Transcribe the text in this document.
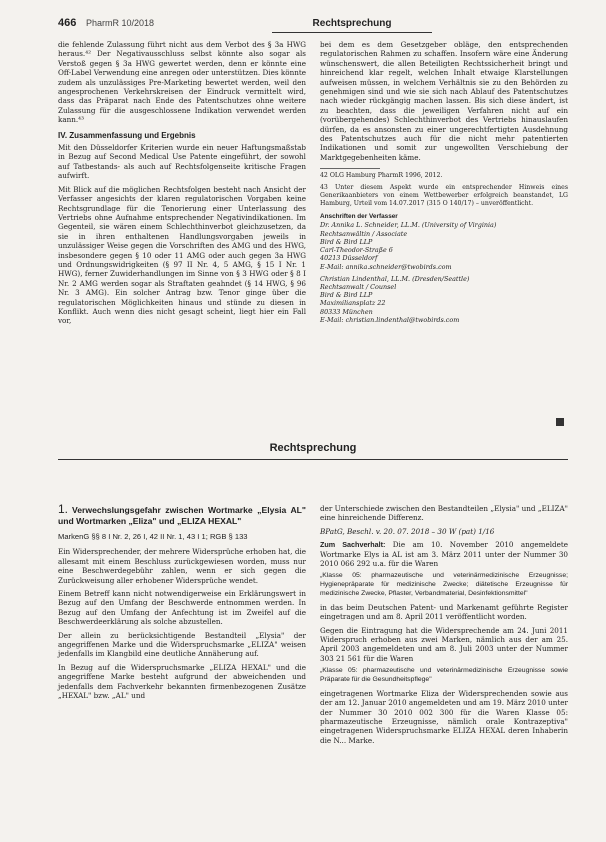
466 PharmR 10/2018	Rechtsprechung

die fehlende Zulassung führt nicht aus dem Verbot des § 3a HWG heraus.⁴² Der Negativausschluss selbst könnte also sogar als Verstoß gegen § 3a HWG gewertet werden, denn er könnte eine Off-Label Verwendung eine anregen oder unterstützen. Dies könnte zudem als unzulässiges Pre-Marketing bewertet werden, weil den angesprochenen Verkehrskreisen der Eindruck vermittelt wird, dass das Präparat nach Ende des Patentschutzes ohne weitere Zulassung für die ausgeschlossene Indikation verwendet werden kann.⁴³

IV. Zusammenfassung und Ergebnis

Mit den Düsseldorfer Kriterien wurde ein neuer Haftungsmaßstab in Bezug auf Second Medical Use Patente eingeführt, der sowohl auf Tatbestands- als auch auf Rechtsfolgenseite kritische Fragen aufwirft.

Mit Blick auf die möglichen Rechtsfolgen besteht nach Ansicht der Verfasser angesichts der klaren regulatorischen Vorgaben keine Rechtsgrundlage für die Tenorierung einer Unterlassung des Vertriebs ohne Aufnahme entsprechender Negativindikationen. Im Gegenteil, sie wären einem Schlechthinverbot gleichzusetzen, da sie in ihren enthaltenen Handlungsvorgaben jeweils in unzulässiger Weise gegen die Vorschriften des AMG und des HWG, insbesondere gegen § 10 oder 11 AMG oder auch gegen 3a HWG und Ordnungswidrigkeiten (§ 97 II Nr. 4, 5 AMG, § 15 I Nr. 1 HWG), ferner Zuwiderhandlungen im Sinne von § 3 HWG oder § 8 I Nr. 2 AMG werden sogar als Straftaten geahndet (§ 14 HWG, § 96 Nr. 3 AMG). Ein solcher Antrag bzw. Tenor ginge über die regulatorischen Möglichkeiten hinaus und stünde zu diesen in Konflikt. Auch wenn dies nicht gesagt scheint, liegt hier ein Fall vor,

bei dem es dem Gesetzgeber obläge, den entsprechenden regulatorischen Rahmen zu schaffen. Insofern wäre eine Änderung wünschenswert, die allen Beteiligten Rechtssicherheit bringt und hinreichend klar regelt, welchen Inhalt etwaige Klarstellungen aufweisen müssen, in welchem Verhältnis sie zu den Behörden zu genehmigen sind und wie sie sich nach Ablauf des Patentschutzes nach wieder rückgängig machen lassen. Bis sich diese ändert, ist zu beachten, dass die jeweiligen Verfahren nicht auf ein (vorübergehendes) Schlechthinverbot des Vertriebs hinauslaufen dürfen, da es ansonsten zu einer ungerechtfertigten Ausdehnung des Patentschutzes auch für die nicht mehr patentierten Indikationen und somit zur ungewollten Verschiebung der Marktgegebenheiten käme.

42 OLG Hamburg PharmR 1996, 2012.

43 Unter diesem Aspekt wurde ein entsprechender Hinweis eines Generikaanbieters von einem Wettbewerber erfolgreich beanstandet, LG Hamburg, Urteil vom 14.07.2017 (315 O 140/17) – unveröffentlicht.

Anschriften der Verfasser
Dr. Annika L. Schneider, LL.M. (University of Virginia)
Rechtsanwältin / Associate
Bird & Bird LLP
Carl-Theodor-Straße 6
40213 Düsseldorf
E-Mail: annika.schneider@twobirds.com
Christian Lindenthal, LL.M. (Dresden/Seattle)
Rechtsanwalt / Counsel
Bird & Bird LLP
Maximiliansplatz 22
80333 München
E-Mail: christian.lindenthal@twobirds.com
Rechtsprechung
1. Verwechslungsgefahr zwischen Wortmarke „Elysia AL" und Wortmarken „Eliza" und „ELIZA HEXAL"
MarkenG §§ 8 I Nr. 2, 26 I, 42 II Nr. 1, 43 I 1; RGB § 133

Ein Widersprechender, der mehrere Widersprüche erhoben hat, die allesamt mit einem Beschluss zurückgewiesen worden, muss nur eine Beschwerdegebühr zahlen, wenn er sich gegen die Zurückweisung aller erhobener Widersprüche wendet.

Einem Betreff kann nicht notwendigerweise ein Erklärungswert in Bezug auf den Umfang der Beschwerde entnommen werden. In Bezug auf den Umfang der Anfechtung ist im Zweifel auf die Beschwerdeerklärung als solche abzustellen.

Der allein zu berücksichtigende Bestandteil „Elysia" der angegriffenen Marke und die Widerspruchsmarke „ELIZA" weisen jedenfalls im Klangbild eine deutliche Annäherung auf.

In Bezug auf die Widerspruchsmarke „ELIZA HEXAL" und die angegriffene Marke besteht aufgrund der abweichenden und jedenfalls dem Fachverkehr bekannten firmenbezogenen Zusätze „HEXAL" bzw. „AL" und

der Unterschiede zwischen den Bestandteilen „Elysia" und „ELIZA" eine hinreichende Differenz.

BPatG, Beschl. v. 20. 07. 2018 – 30 W (pat) 1/16

Zum Sachverhalt: Die am 10. November 2010 angemeldete Wortmarke Elys ia AL ist am 3. März 2011 unter der Nummer 30 2010 066 292 u.a. für die Waren

„Klasse 05: pharmazeutische und veterinärmedizinische Erzeugnisse; Hygienepräparate für medizinische Zwecke; diätetische Erzeugnisse für medizinische Zwecke, Pflaster, Verbandmaterial, Desinfektionsmittel"

in das beim Deutschen Patent- und Markenamt geführte Register eingetragen und am 8. April 2011 veröffentlicht worden.

Gegen die Eintragung hat die Widersprechende am 24. Juni 2011 Widerspruch erhoben aus zwei Marken, nämlich aus der am 25. April 2003 angemeldeten und am 8. Juli 2003 unter der Nummer 303 21 561 für die Waren

„Klasse 05: pharmazeutische und veterinärmedizinische Erzeugnisse sowie Präparate für die Gesundheitspflege"

eingetragenen Wortmarke Eliza der Widersprechenden sowie aus der am 12. Januar 2010 angemeldeten und am 19. März 2010 unter der Nummer 30 2010 002 300 für die Waren Klasse 05: pharmazeutische Erzeugnisse, nämlich orale Kontrazeptiva" eingetragenen Widerspruchsmarke ELIZA HEXAL deren Inhaberin die N... Marke.
